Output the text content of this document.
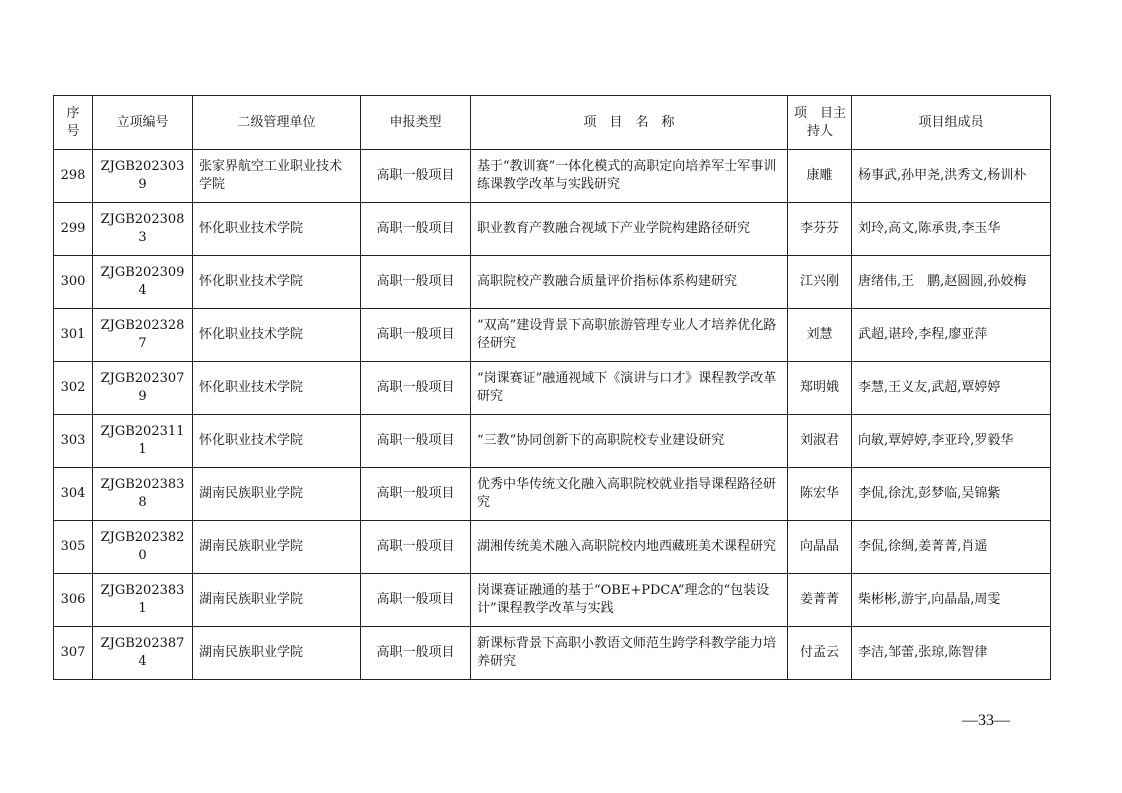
序号	立项编号	二级管理单位	申报类型	项　目　名　称	项　目主持人	项目组成员
298	ZJGB2023039	张家界航空工业职业技术学院	高职一般项目	基于“教训赛”一体化模式的高职定向培养军士军事训练课教学改革与实践研究	康雕	杨事武,孙甲尧,洪秀文,杨训朴
299	ZJGB2023083	怀化职业技术学院	高职一般项目	职业教育产教融合视域下产业学院构建路径研究	李芬芬	刘玲,高文,陈承贵,李玉华
300	ZJGB2023094	怀化职业技术学院	高职一般项目	高职院校产教融合质量评价指标体系构建研究	江兴刚	唐绪伟,王　鹏,赵圆圆,孙姣梅
301	ZJGB2023287	怀化职业技术学院	高职一般项目	“双高”建设背景下高职旅游管理专业人才培养优化路径研究	刘慧	武超,谌玲,李程,廖亚萍
302	ZJGB2023079	怀化职业技术学院	高职一般项目	“岗课赛证”融通视域下《演讲与口才》课程教学改革研究	郑明娥	李慧,王义友,武超,覃婷婷
303	ZJGB2023111	怀化职业技术学院	高职一般项目	“三教”协同创新下的高职院校专业建设研究	刘淑君	向敏,覃婷婷,李亚玲,罗毅华
304	ZJGB2023838	湖南民族职业学院	高职一般项目	优秀中华传统文化融入高职院校就业指导课程路径研究	陈宏华	李侃,徐沈,彭梦临,吴锦紫
305	ZJGB2023820	湖南民族职业学院	高职一般项目	湖湘传统美术融入高职院校内地西藏班美术课程研究	向晶晶	李侃,徐绸,姜菁菁,肖遥
306	ZJGB2023831	湖南民族职业学院	高职一般项目	岗课赛证融通的基于“OBE+PDCA”理念的“包装设计”课程教学改革与实践	姜菁菁	柴彬彬,游宇,向晶晶,周雯
307	ZJGB2023874	湖南民族职业学院	高职一般项目	新课标背景下高职小教语文师范生跨学科教学能力培养研究	付孟云	李洁,邹蕾,张琼,陈智律
—33—
